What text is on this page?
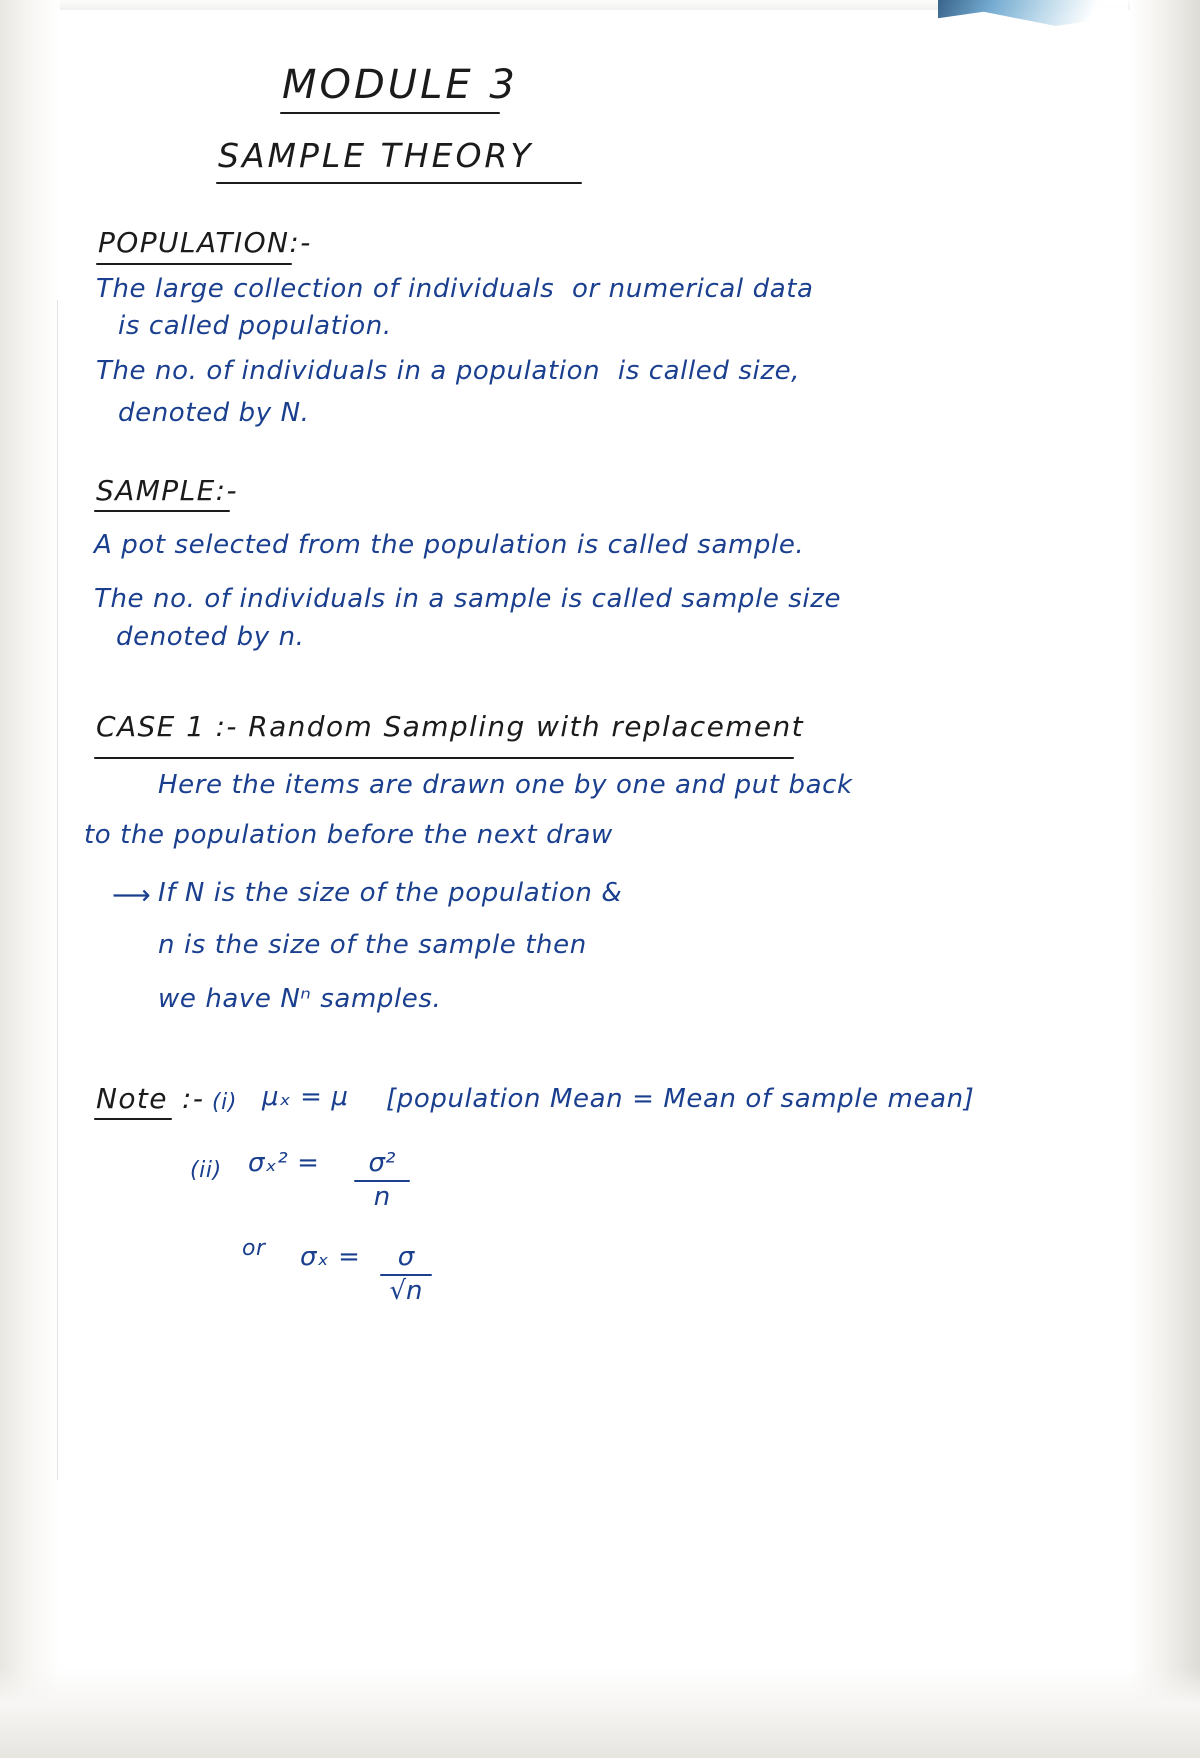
MODULE 3
SAMPLE THEORY
POPULATION:-
The large collection of individuals  or numerical data
is called population.
The no. of individuals in a population  is called size,
denoted by N.
SAMPLE:-
A pot selected from the population is called sample.
The no. of individuals in a sample is called sample size
denoted by n.
CASE 1 :- Random Sampling with replacement
Here the items are drawn one by one and put back
to the population before the next draw
⟶ If N is the size of the population &
n is the size of the sample then
we have Nⁿ samples.
Note :- (i) μₓ = μ [population Mean = Mean of sample mean]
(ii) σₓ² =	σ²
n
or σₓ =	σ
√n
